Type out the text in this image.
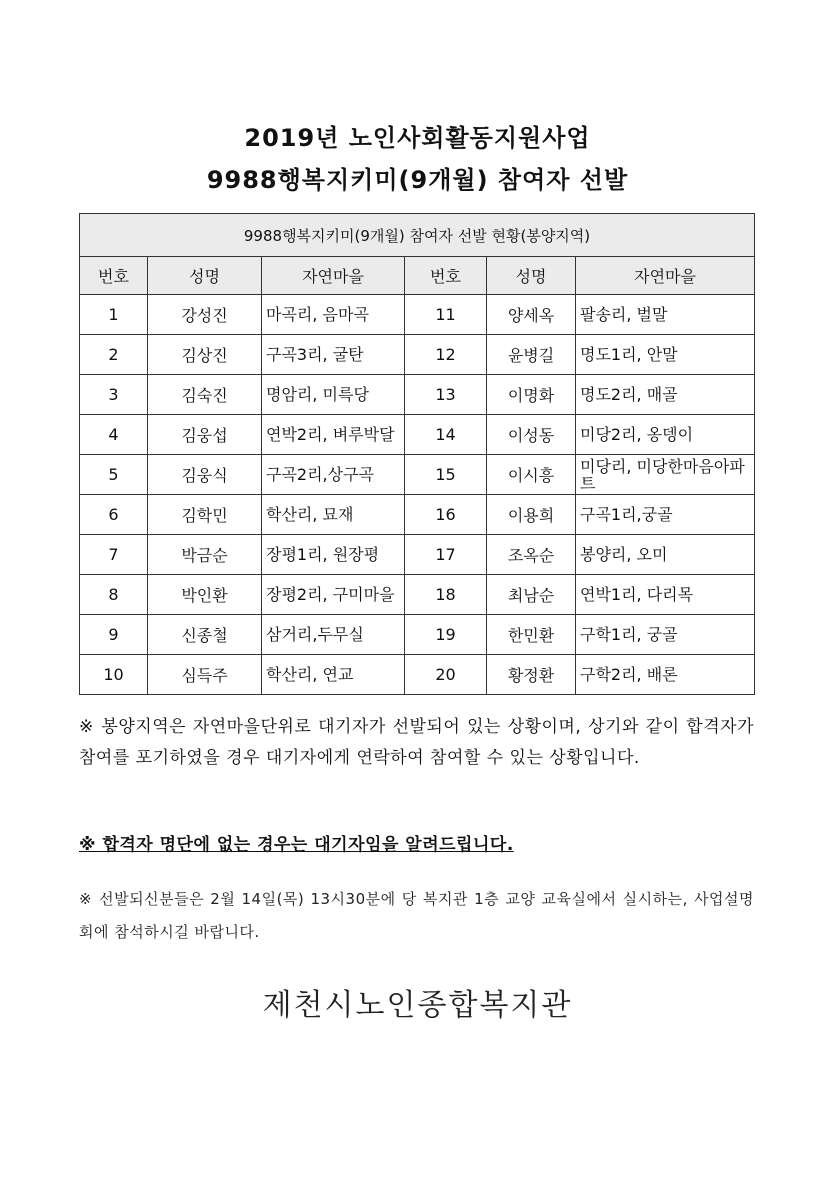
2019년 노인사회활동지원사업
9988행복지키미(9개월) 참여자 선발
9988행복지키미(9개월) 참여자 선발 현황(봉양지역)					
번호	성명	자연마을	번호	성명	자연마을
1	강성진	마곡리, 음마곡	11	양세옥	팔송리, 벌말
2	김상진	구곡3리, 굴탄	12	윤병길	명도1리, 안말
3	김숙진	명암리, 미륵당	13	이명화	명도2리, 매골
4	김웅섭	연박2리, 벼루박달	14	이성동	미당2리, 옹뎅이
5	김웅식	구곡2리,상구곡	15	이시흥	미당리, 미당한마음아파트
6	김학민	학산리, 묘재	16	이용희	구곡1리,궁골
7	박금순	장평1리, 원장평	17	조옥순	봉양리, 오미
8	박인환	장평2리, 구미마을	18	최남순	연박1리, 다리목
9	신종철	삼거리,두무실	19	한민환	구학1리, 궁골
10	심득주	학산리, 연교	20	황정환	구학2리, 배론
※ 봉양지역은 자연마을단위로 대기자가 선발되어 있는 상황이며, 상기와 같이 합격자가 참여를 포기하였을 경우 대기자에게 연락하여 참여할 수 있는 상황입니다.
※ 합격자 명단에 없는 경우는 대기자임을 알려드립니다.
※ 선발되신분들은 2월 14일(목) 13시30분에 당 복지관 1층 교양 교육실에서 실시하는, 사업설명회에 참석하시길 바랍니다.
제천시노인종합복지관
